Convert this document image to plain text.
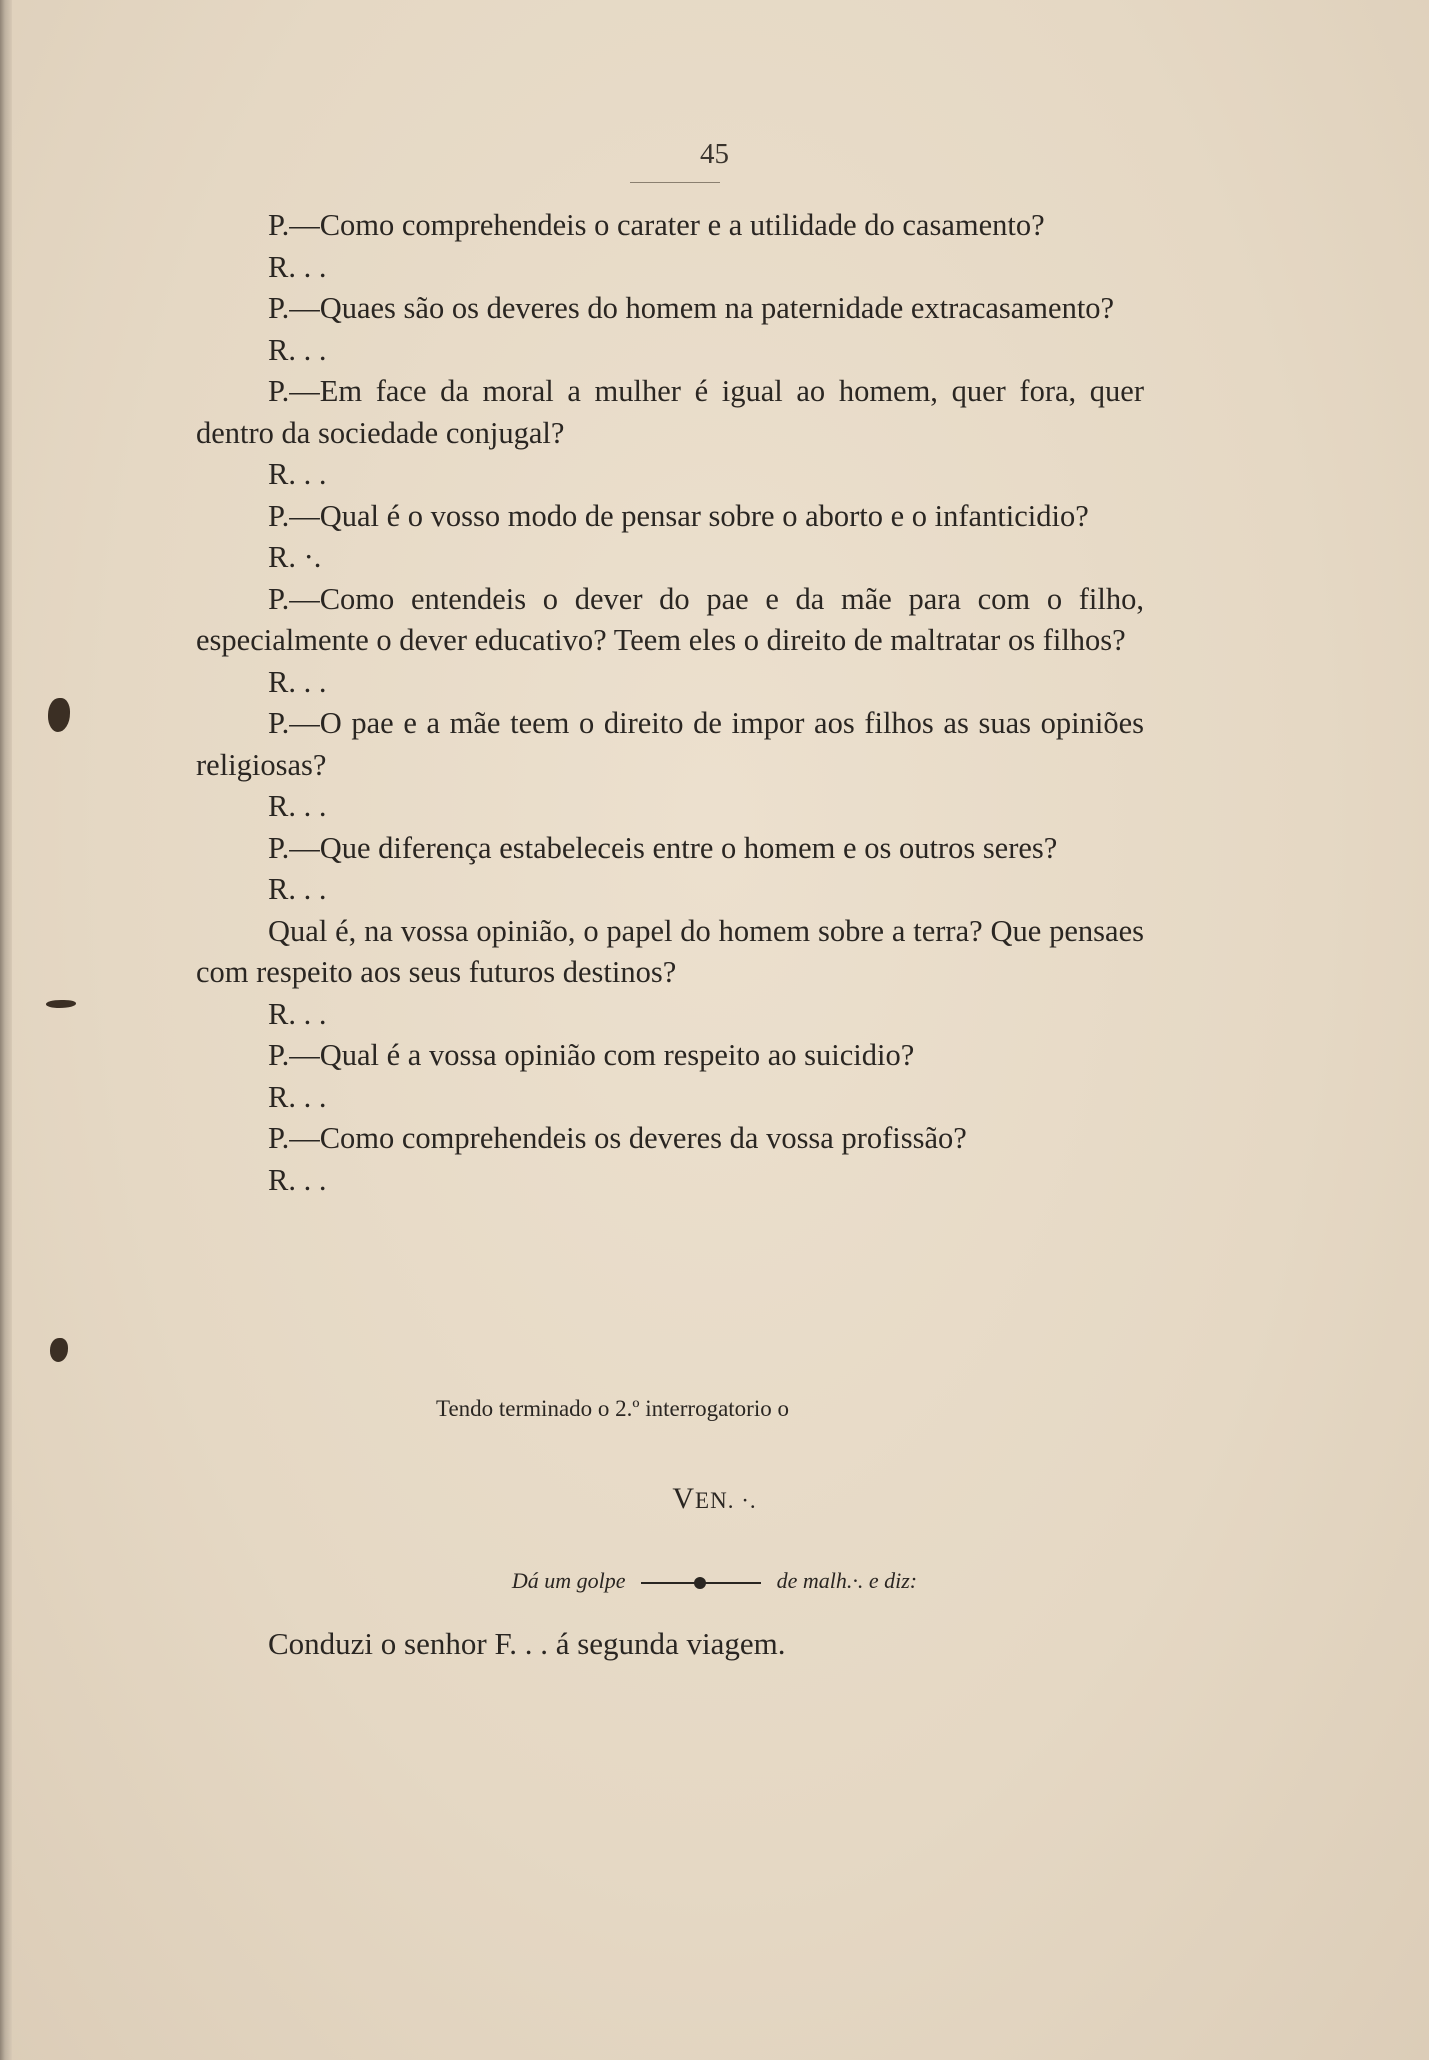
45

P.—Como comprehendeis o carater e a utilidade do casamento?

R. . .

P.—Quaes são os deveres do homem na paternidade extracasamento?

R. . .

P.—Em face da moral a mulher é igual ao homem, quer fora, quer dentro da sociedade conjugal?

R. . .

P.—Qual é o vosso modo de pensar sobre o aborto e o infanticidio?

R. ·.

P.—Como entendeis o dever do pae e da mãe para com o filho, especialmente o dever educativo? Teem eles o direito de maltratar os filhos?

R. . .

P.—O pae e a mãe teem o direito de impor aos filhos as suas opiniões religiosas?

R. . .

P.—Que diferença estabeleceis entre o homem e os outros seres?

R. . .

Qual é, na vossa opinião, o papel do homem sobre a terra? Que pensaes com respeito aos seus futuros destinos?

R. . .

P.—Qual é a vossa opinião com respeito ao suicidio?

R. . .

P.—Como comprehendeis os deveres da vossa profissão?

R. . .

Tendo terminado o 2.º interrogatorio o
VEN. ·.
Dá um golpe	de malh.·. e diz:
Conduzi o senhor F. . . á segunda viagem.
